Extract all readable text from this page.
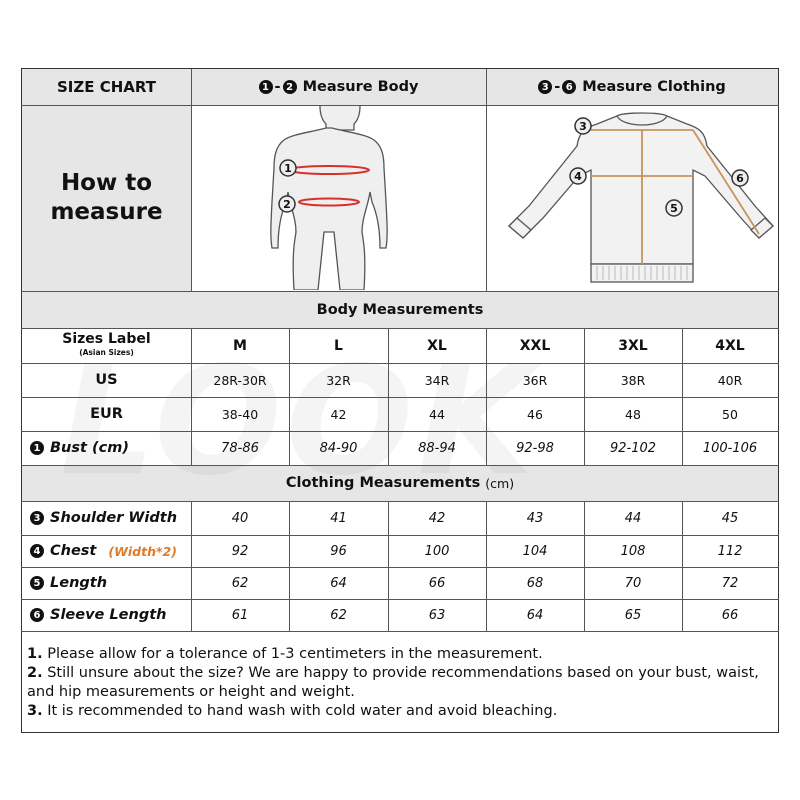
SIZE CHART	1 - 2 Measure Body	3 - 6 Measure Clothing
How to
measure
1
2
3
4
5
6
Body Measurements
Sizes Label
(Asian Sizes)	M	L	XL	XXL	3XL	4XL
US	28R-30R	32R	34R	36R	38R	40R
EUR	38-40	42	44	46	48	50
1 Bust (cm)	78-86	84-90	88-94	92-98	92-102	100-106
Clothing Measurements (cm)
3 Shoulder Width	40	41	42	43	44	45
4 Chest (Width*2)	92	96	100	104	108	112
5 Length	62	64	66	68	70	72
6 Sleeve Length	61	62	63	64	65	66
1. Please allow for a tolerance of 1-3 centimeters in the measurement.
2. Still unsure about the size? We are happy to provide recommendations based on your bust, waist, and hip measurements or height and weight.
3. It is recommended to hand wash with cold water and avoid bleaching.
